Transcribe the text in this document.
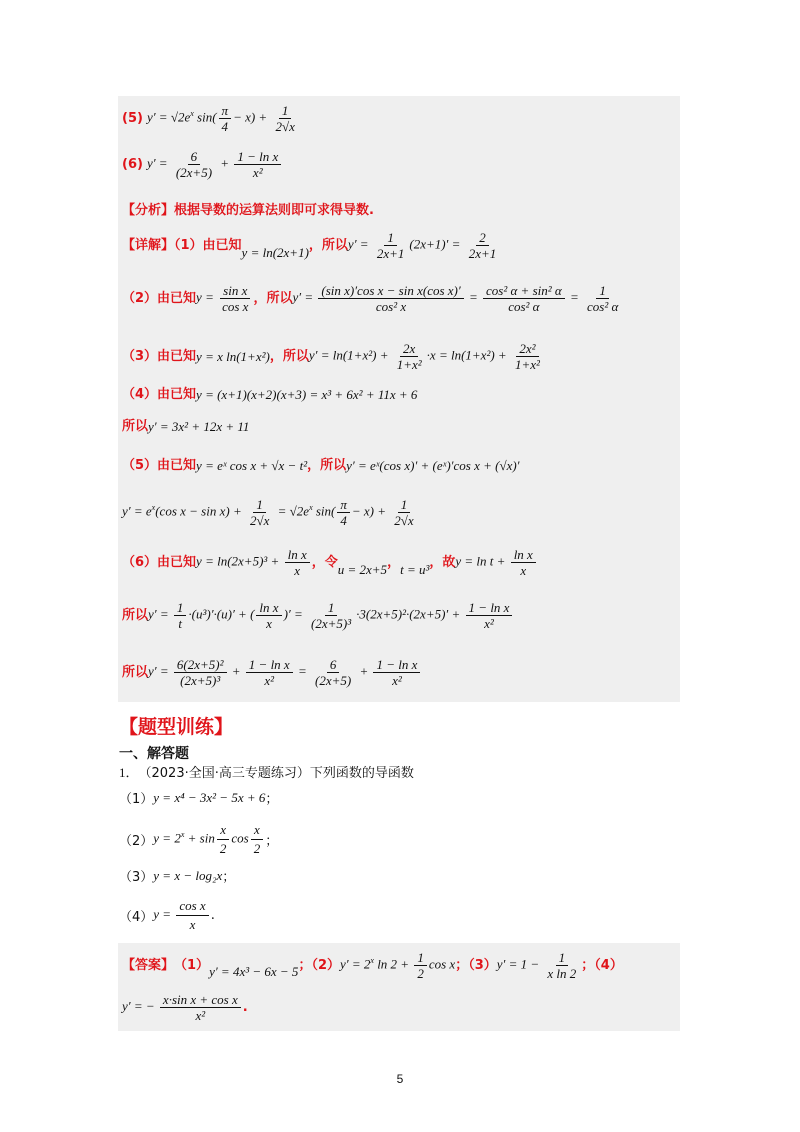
(5) $y' = √2e^x$ $\sin( \frac{\pi}{4} - x) + \frac{1}{2√x}$
(6) $y' = \frac{6}{(2x+5)} + \frac{\text{1 − ln x}}{\text{x²}}$
【分析】根据导数的运算法则即可求得导数.
【详解】（1）由已知 y = ln(2x+1) ，所以 $y' = \frac{1}{2x+1} (2x+1)' = \frac{2}{2x+1}$
（2）由已知 $y = \frac{\text{sin x}}{\text{cos x}}$ ，所以 $y' = \frac{\text{(sin x)′cos x − sin x(cos x)′}}{\text{cos² x}} = \frac{\text{cos² α + sin² α}}{\text{cos² α}} = \frac{1}{\text{cos² α}}$
（3）由已知 y = x ln(1+x²) ，所以 $y' = \ln(1+x^2) + \frac{2x}{\text{1+x²}} \cdot x = \ln(1+x^2) + \frac{\text{2x²}}{\text{1+x²}}$
（4）由已知 y = (x+1)(x+2)(x+3) = x³ + 6x² + 11x + 6
所以 y′ = 3x² + 12x + 11
（5）由已知 y = eˣ cos x + √x − t² ，所以 y′ = eˣ(cos x)′ + (eˣ)′cos x + (√x)′
$y' = e^x(\cos$ $x - \sin x) + \frac{1}{2√x} = √2e^x$ $\sin( \frac{\pi}{4} - x) + \frac{1}{2√x}$
（6）由已知 $y = \ln(2x+5)^3 + \frac{\text{ln x}}{x}$ ，令 u = 2x+5 ， t = u³ ，故 $y = \ln t + \frac{\text{ln x}}{x}$
所以 $y' = \frac{1}{t} \cdot(u^3)'\cdot(u)'$ + ( $\frac{\text{ln x}}{x}$ )′ = $\frac{1}{\text{(2x+5)³}} \cdot 3(2x+5)^2\cdot(2x+5)' + \frac{\text{1 − ln x}}{\text{x²}}$
所以 $y' = \frac{\text{6(2x+5)²}}{\text{(2x+5)³}} + \frac{\text{1 − ln x}}{\text{x²}} = \frac{6}{(2x+5)} + \frac{\text{1 − ln x}}{\text{x²}}$
【题型训练】
一、解答题
1． （2023·全国·高三专题练习）下列函数的导函数
（1） y = x⁴ − 3x² − 5x + 6 ；
（2） $y = 2^x + \sin \frac{x}{2}$ $\cos \frac{x}{2}$ ；
（3） y = x − log₂x ；
（4） $y = \frac{\text{cos x}}{x}$ .
【答案】 （1） y′ = 4x³ − 6x − 5 ；（2） $y' = 2^x$ $\ln 2 + \frac{1}{2}$ cos x ；（3） $y' = 1 - \frac{1}{\text{x ln 2}}$ ；（4）
y′ = − $\frac{\text{x·sin x + cos x}}{\text{x²}}$ .
5
